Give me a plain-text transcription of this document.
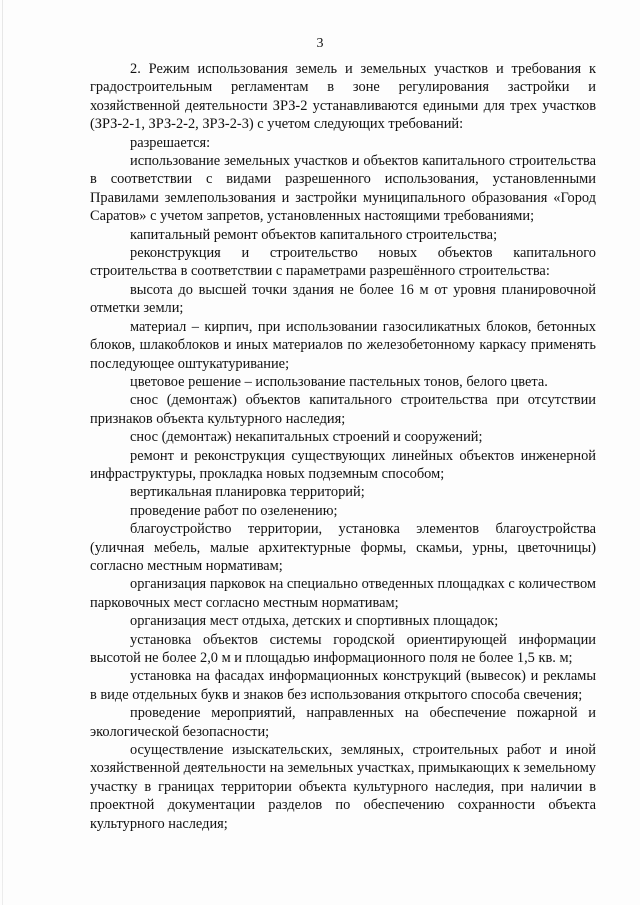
3

2. Режим использования земель и земельных участков и требования к градостроительным регламентам в зоне регулирования застройки и хозяйственной деятельности ЗРЗ-2 устанавливаются едиными для трех участков (ЗРЗ-2-1, ЗРЗ-2-2, ЗРЗ-2-3) с учетом следующих требований:

разрешается:

использование земельных участков и объектов капитального строительства в соответствии с видами разрешенного использования, установленными Правилами землепользования и застройки муниципального образования «Город Саратов» с учетом запретов, установленных настоящими требованиями;

капитальный ремонт объектов капитального строительства;

реконструкция и строительство новых объектов капитального строительства в соответствии с параметрами разрешённого строительства:

высота до высшей точки здания не более 16 м от уровня планировочной отметки земли;

материал – кирпич, при использовании газосиликатных блоков, бетонных блоков, шлакоблоков и иных материалов по железобетонному каркасу применять последующее оштукатуривание;

цветовое решение – использование пастельных тонов, белого цвета.

снос (демонтаж) объектов капитального строительства при отсутствии признаков объекта культурного наследия;

снос (демонтаж) некапитальных строений и сооружений;

ремонт и реконструкция существующих линейных объектов инженерной инфраструктуры, прокладка новых подземным способом;

вертикальная планировка территорий;

проведение работ по озеленению;

благоустройство территории, установка элементов благоустройства (уличная мебель, малые архитектурные формы, скамьи, урны, цветочницы) согласно местным нормативам;

организация парковок на специально отведенных площадках с количеством парковочных мест согласно местным нормативам;

организация мест отдыха, детских и спортивных площадок;

установка объектов системы городской ориентирующей информации высотой не более 2,0 м и площадью информационного поля не более 1,5 кв. м;

установка на фасадах информационных конструкций (вывесок) и рекламы в виде отдельных букв и знаков без использования открытого способа свечения;

проведение мероприятий, направленных на обеспечение пожарной и экологической безопасности;

осуществление изыскательских, земляных, строительных работ и иной хозяйственной деятельности на земельных участках, примыкающих к земельному участку в границах территории объекта культурного наследия, при наличии в проектной документации разделов по обеспечению сохранности объекта культурного наследия;
